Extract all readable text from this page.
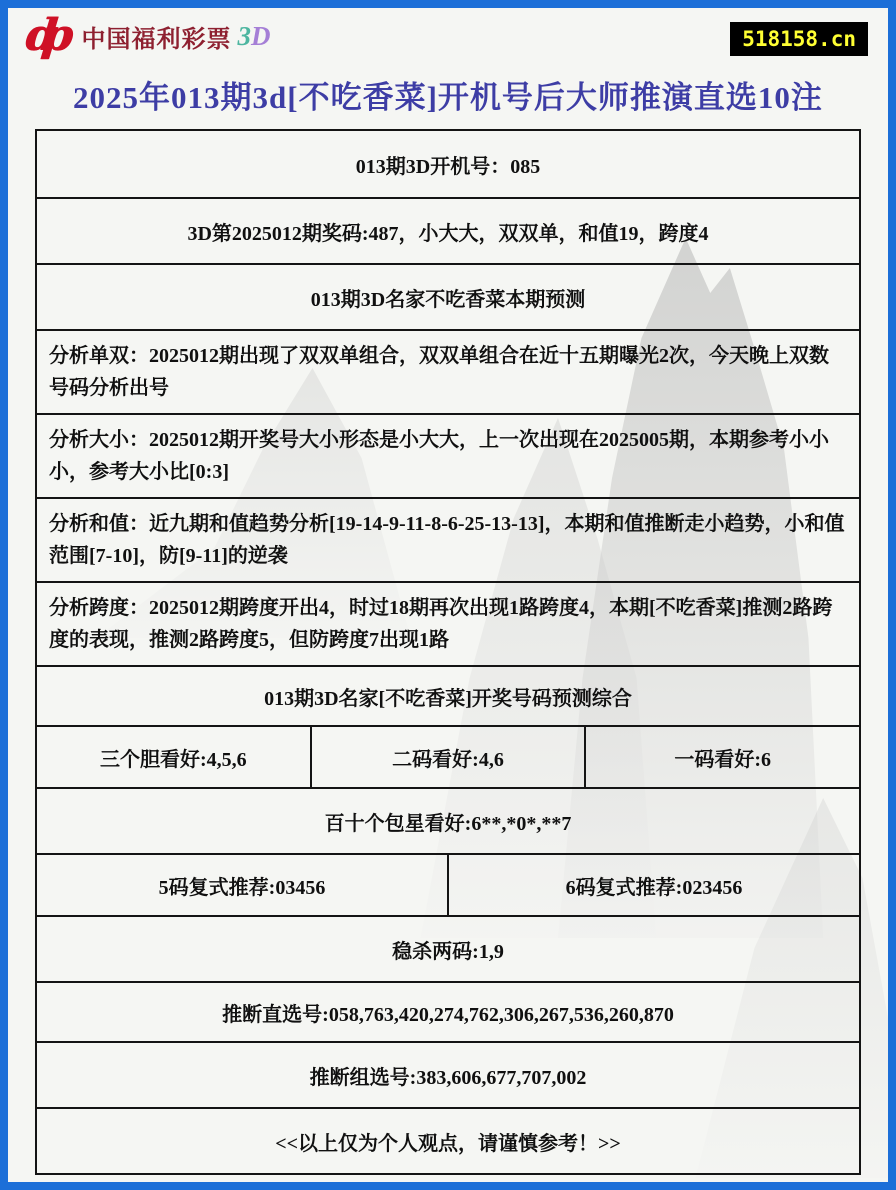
dp 中国福利彩票 3 D	518158.cn
2025年013期3d[不吃香菜]开机号后大师推演直选10注
013期3D开机号：085
3D第2025012期奖码:487，小大大，双双单，和值19，跨度4
013期3D名家不吃香菜本期预测
分析单双：2025012期出现了双双单组合，双双单组合在近十五期曝光2次，今天晚上双数号码分析出号
分析大小：2025012期开奖号大小形态是小大大，上一次出现在2025005期，本期参考小小小，参考大小比[0:3]
分析和值：近九期和值趋势分析[19-14-9-11-8-6-25-13-13]，本期和值推断走小趋势，小和值范围[7-10]，防[9-11]的逆袭
分析跨度：2025012期跨度开出4，时过18期再次出现1路跨度4，本期[不吃香菜]推测2路跨度的表现，推测2路跨度5，但防跨度7出现1路
013期3D名家[不吃香菜]开奖号码预测综合
三个胆看好:4,5,6	二码看好:4,6	一码看好:6
百十个包星看好:6**,*0*,**7
5码复式推荐:03456	6码复式推荐:023456
稳杀两码:1,9
推断直选号:058,763,420,274,762,306,267,536,260,870
推断组选号:383,606,677,707,002
<<以上仅为个人观点，请谨慎参考！>>
